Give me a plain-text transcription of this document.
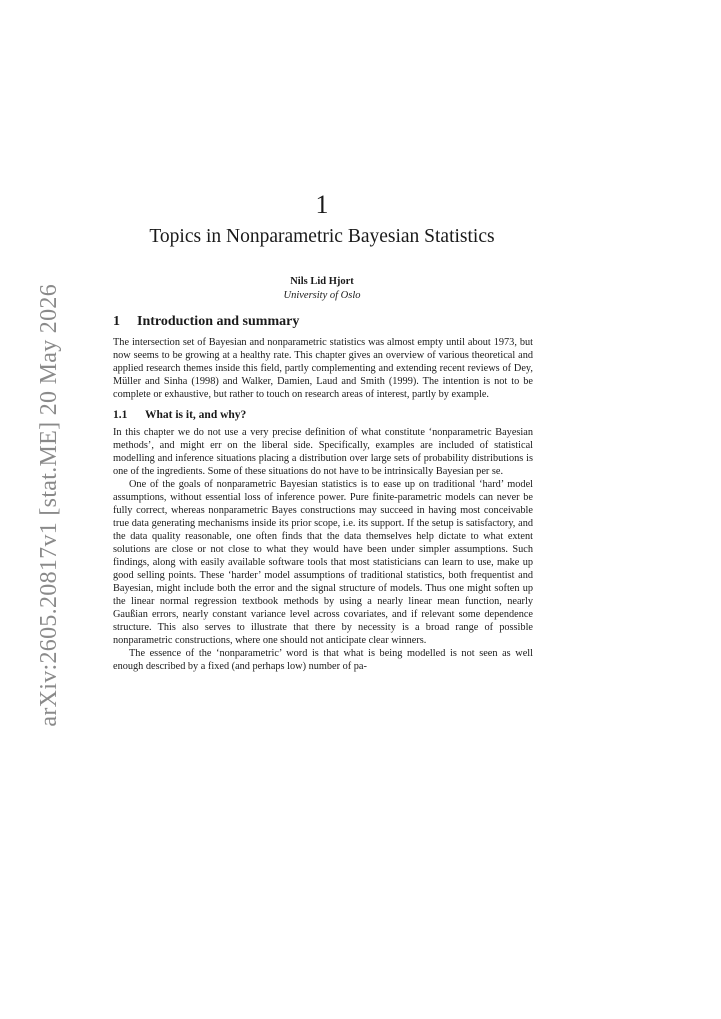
arXiv:2605.20817v1 [stat.ME] 20 May 2026
1
Topics in Nonparametric Bayesian Statistics
Nils Lid Hjort
University of Oslo
1 Introduction and summary

The intersection set of Bayesian and nonparametric statistics was almost empty until about 1973, but now seems to be growing at a healthy rate. This chapter gives an overview of various theoretical and applied research themes inside this field, partly complementing and extending recent reviews of Dey, Müller and Sinha (1998) and Walker, Damien, Laud and Smith (1999). The intention is not to be complete or exhaustive, but rather to touch on research areas of interest, partly by example.

1.1 What is it, and why?

In this chapter we do not use a very precise definition of what constitute ‘nonparametric Bayesian methods’, and might err on the liberal side. Specifically, examples are included of statistical modelling and inference situations placing a distribution over large sets of probability distributions is one of the ingredients. Some of these situations do not have to be intrinsically Bayesian per se.

One of the goals of nonparametric Bayesian statistics is to ease up on traditional ‘hard’ model assumptions, without essential loss of inference power. Pure finite-parametric models can never be fully correct, whereas nonparametric Bayes constructions may succeed in having most conceivable true data generating mechanisms inside its prior scope, i.e. its support. If the setup is satisfactory, and the data quality reasonable, one often finds that the data themselves help dictate to what extent solutions are close or not close to what they would have been under simpler assumptions. Such findings, along with easily available software tools that most statisticians can learn to use, make up good selling points. These ‘harder’ model assumptions of traditional statistics, both frequentist and Bayesian, might include both the error and the signal structure of models. Thus one might soften up the linear normal regression textbook methods by using a nearly linear mean function, nearly Gaußian errors, nearly constant variance level across covariates, and if relevant some dependence structure. This also serves to illustrate that there by necessity is a broad range of possible nonparametric constructions, where one should not anticipate clear winners.

The essence of the ‘nonparametric’ word is that what is being modelled is not seen as well enough described by a fixed (and perhaps low) number of pa-
